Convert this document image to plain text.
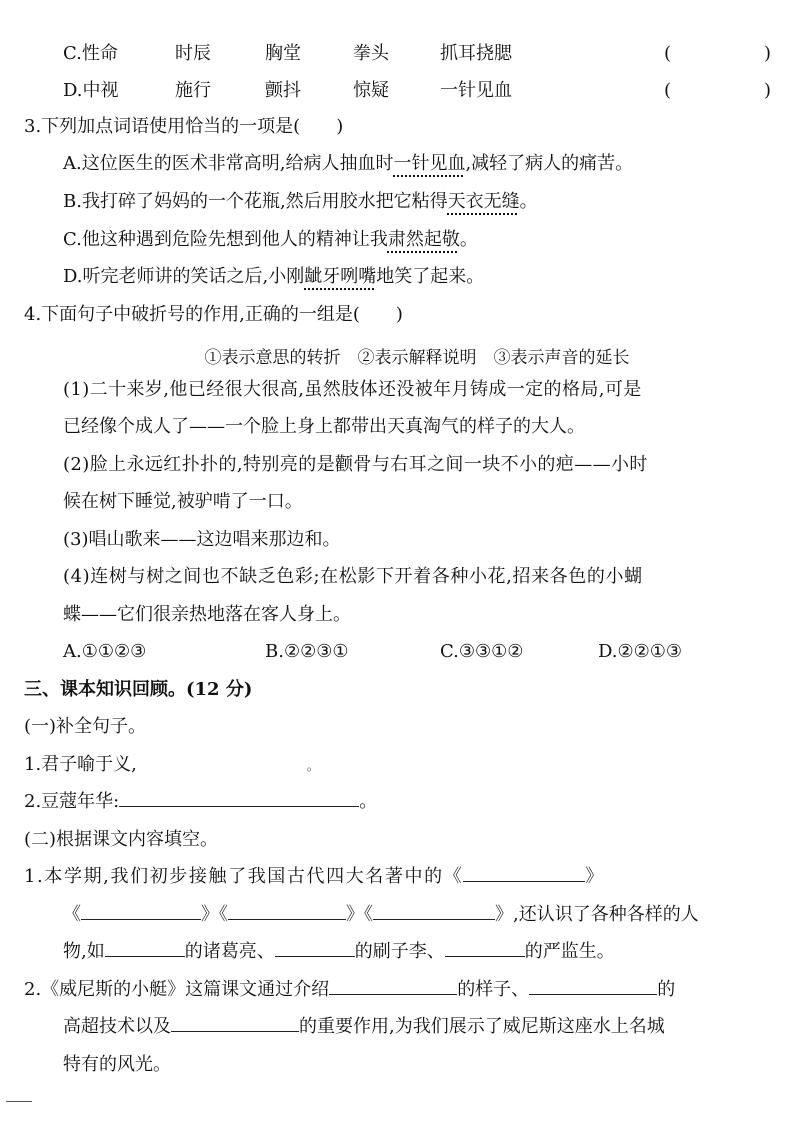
C.性命	时辰	胸堂	拳头	抓耳挠腮	(	)
D.中视	施行	颤抖	惊疑	一针见血	(	)
3.下列加点词语使用恰当的一项是(　　)
A.这位医生的医术非常高明,给病人抽血时一针见血,减轻了病人的痛苦。
B.我打碎了妈妈的一个花瓶,然后用胶水把它粘得天衣无缝。
C.他这种遇到危险先想到他人的精神让我肃然起敬。
D.听完老师讲的笑话之后,小刚龇牙咧嘴地笑了起来。
4.下面句子中破折号的作用,正确的一组是(　　)
①表示意思的转折　②表示解释说明　③表示声音的延长
(1)二十来岁,他已经很大很高,虽然肢体还没被年月铸成一定的格局,可是
已经像个成人了——一个脸上身上都带出天真淘气的样子的大人。
(2)脸上永远红扑扑的,特别亮的是颧骨与右耳之间一块不小的疤——小时
候在树下睡觉,被驴啃了一口。
(3)唱山歌来——这边唱来那边和。
(4)连树与树之间也不缺乏色彩;在松影下开着各种小花,招来各色的小蝴
蝶——它们很亲热地落在客人身上。
A.①①②③	B.②②③①	C.③③①②	D.②②①③
三、课本知识回顾。(12 分)
(一)补全句子。
1.君子喻于义,	。
2.豆蔻年华:	。
(二)根据课文内容填空。
1.本学期,我们初步接触了我国古代四大名著中的《	》
《	》《	》《	》,还认识了各种各样的人
物,如	的诸葛亮、	的刷子李、	的严监生。
2.《威尼斯的小艇》这篇课文通过介绍	的样子、	的
高超技术以及	的重要作用,为我们展示了威尼斯这座水上名城
特有的风光。
